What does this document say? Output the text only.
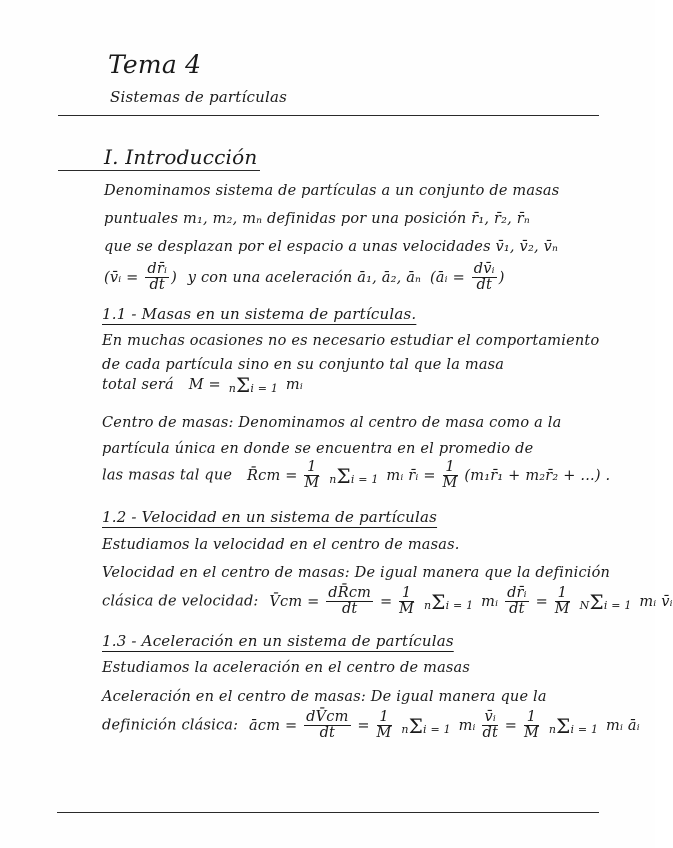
Tema 4
Sistemas de partículas
I. Introducción
Denominamos sistema de partículas a un conjunto de masas
puntuales m₁, m₂, mₙ definidas por una posición r̄₁, r̄₂, r̄ₙ
que se desplazan por el espacio a unas velocidades v̄₁, v̄₂, v̄ₙ
(v̄ᵢ = $\frac{\text{dr̄ᵢ}}{dt}$ ) y con una aceleración ā₁, ā₂, āₙ (āᵢ = $\frac{\text{dv̄ᵢ}}{dt}$ )
1.1 - Masas en un sistema de partículas.
En muchas ocasiones no es necesario estudiar el comportamiento
de cada partícula sino en su conjunto tal que la masa
total será M = nΣi = 1 mᵢ
Centro de masas: Denominamos al centro de masa como a la
partícula única en donde se encuentra en el promedio de
las masas tal que R̄cm = $\frac{1}{M}$ nΣi = 1 mᵢ r̄ᵢ = $\frac{1}{M}$ (m₁r̄₁ + m₂r̄₂ + ...) .
1.2 - Velocidad en un sistema de partículas
Estudiamos la velocidad en el centro de masas.
Velocidad en el centro de masas: De igual manera que la definición
clásica de velocidad: V̄cm = $\frac{dR̄cm}{dt} = \frac{1}{M}$ nΣi = 1 mᵢ $\frac{\text{dr̄ᵢ}}{dt} = \frac{1}{M}$ NΣi = 1 mᵢ v̄ᵢ
1.3 - Aceleración en un sistema de partículas
Estudiamos la aceleración en el centro de masas
Aceleración en el centro de masas: De igual manera que la
definición clásica: ācm = $\frac{dV̄cm}{dt} = \frac{1}{M}$ nΣi = 1 mᵢ $\frac{\text{v̄ᵢ}}{dt} = \frac{1}{M}$ nΣi = 1 mᵢ āᵢ
